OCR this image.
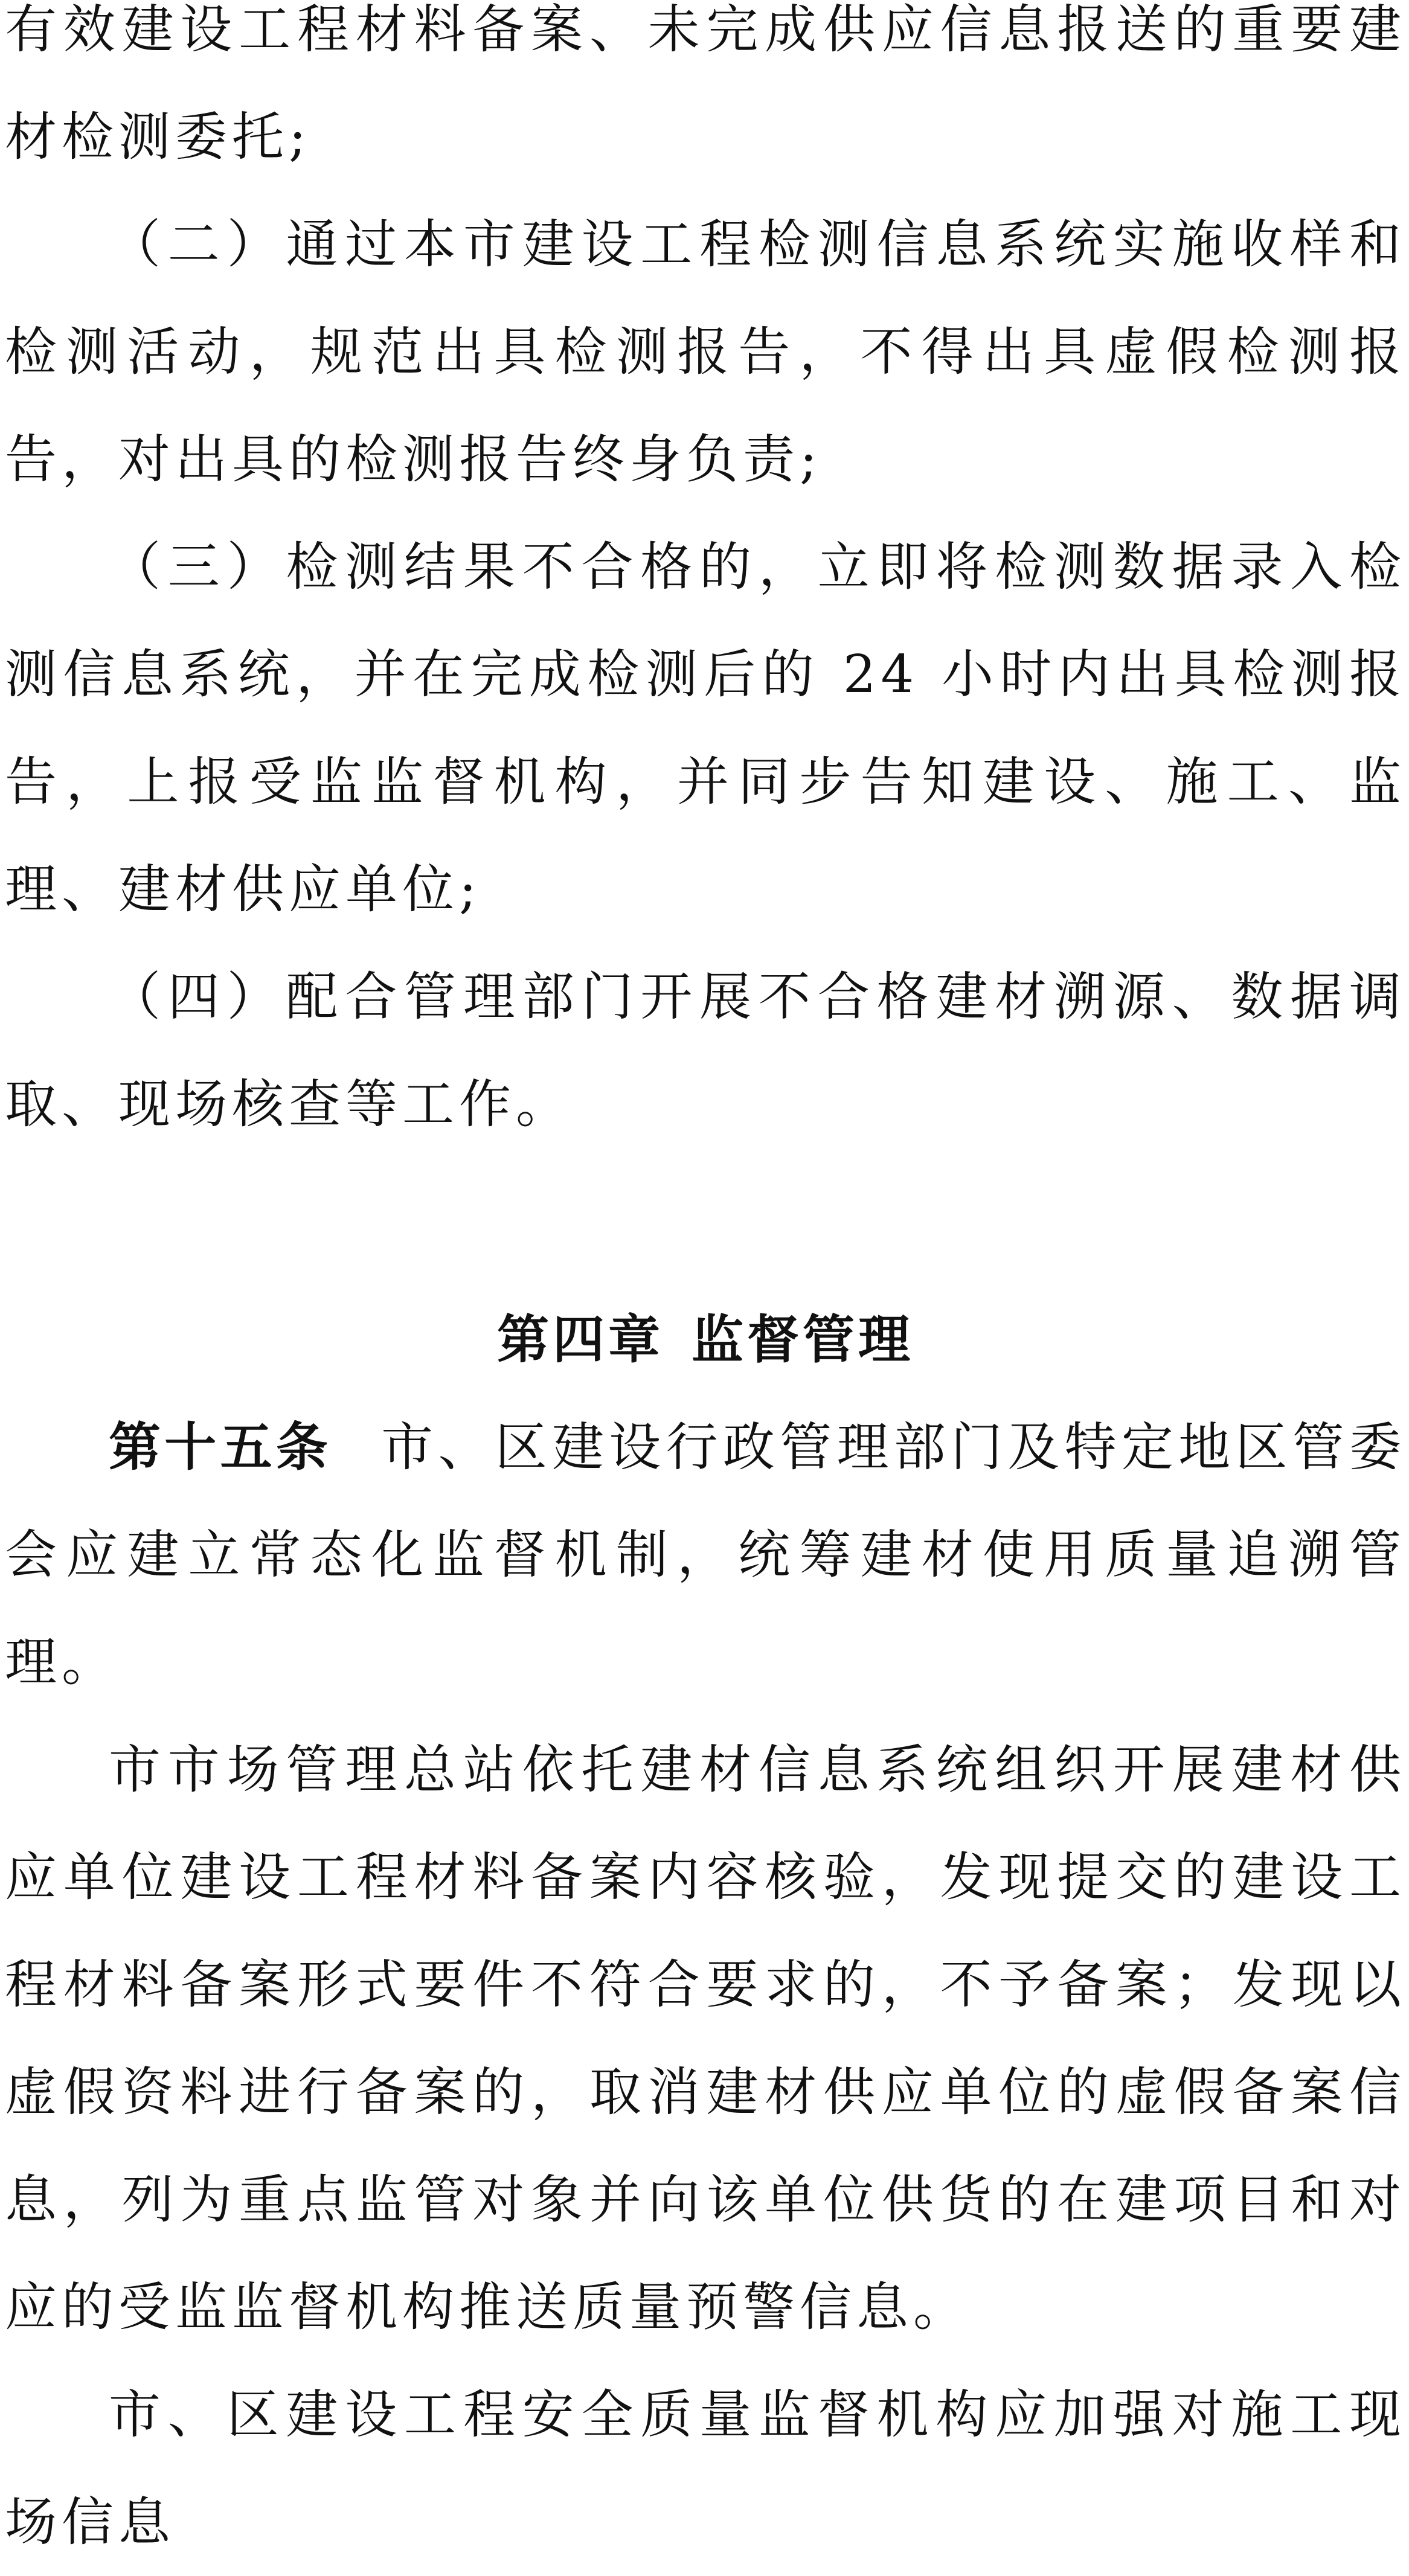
有效建设工程材料备案、未完成供应信息报送的重要建材检测委托;

（二）通过本市建设工程检测信息系统实施收样和检测活动，规范出具检测报告，不得出具虚假检测报告，对出具的检测报告终身负责;

（三）检测结果不合格的，立即将检测数据录入检测信息系统，并在完成检测后的 24 小时内出具检测报告，上报受监监督机构，并同步告知建设、施工、监理、建材供应单位;

（四）配合管理部门开展不合格建材溯源、数据调取、现场核查等工作。

第四章 监督管理

第十五条 市、区建设行政管理部门及特定地区管委会应建立常态化监督机制，统筹建材使用质量追溯管理。

市市场管理总站依托建材信息系统组织开展建材供应单位建设工程材料备案内容核验，发现提交的建设工程材料备案形式要件不符合要求的，不予备案；发现以虚假资料进行备案的，取消建材供应单位的虚假备案信息，列为重点监管对象并向该单位供货的在建项目和对应的受监监督机构推送质量预警信息。

市、区建设工程安全质量监督机构应加强对施工现场信息
